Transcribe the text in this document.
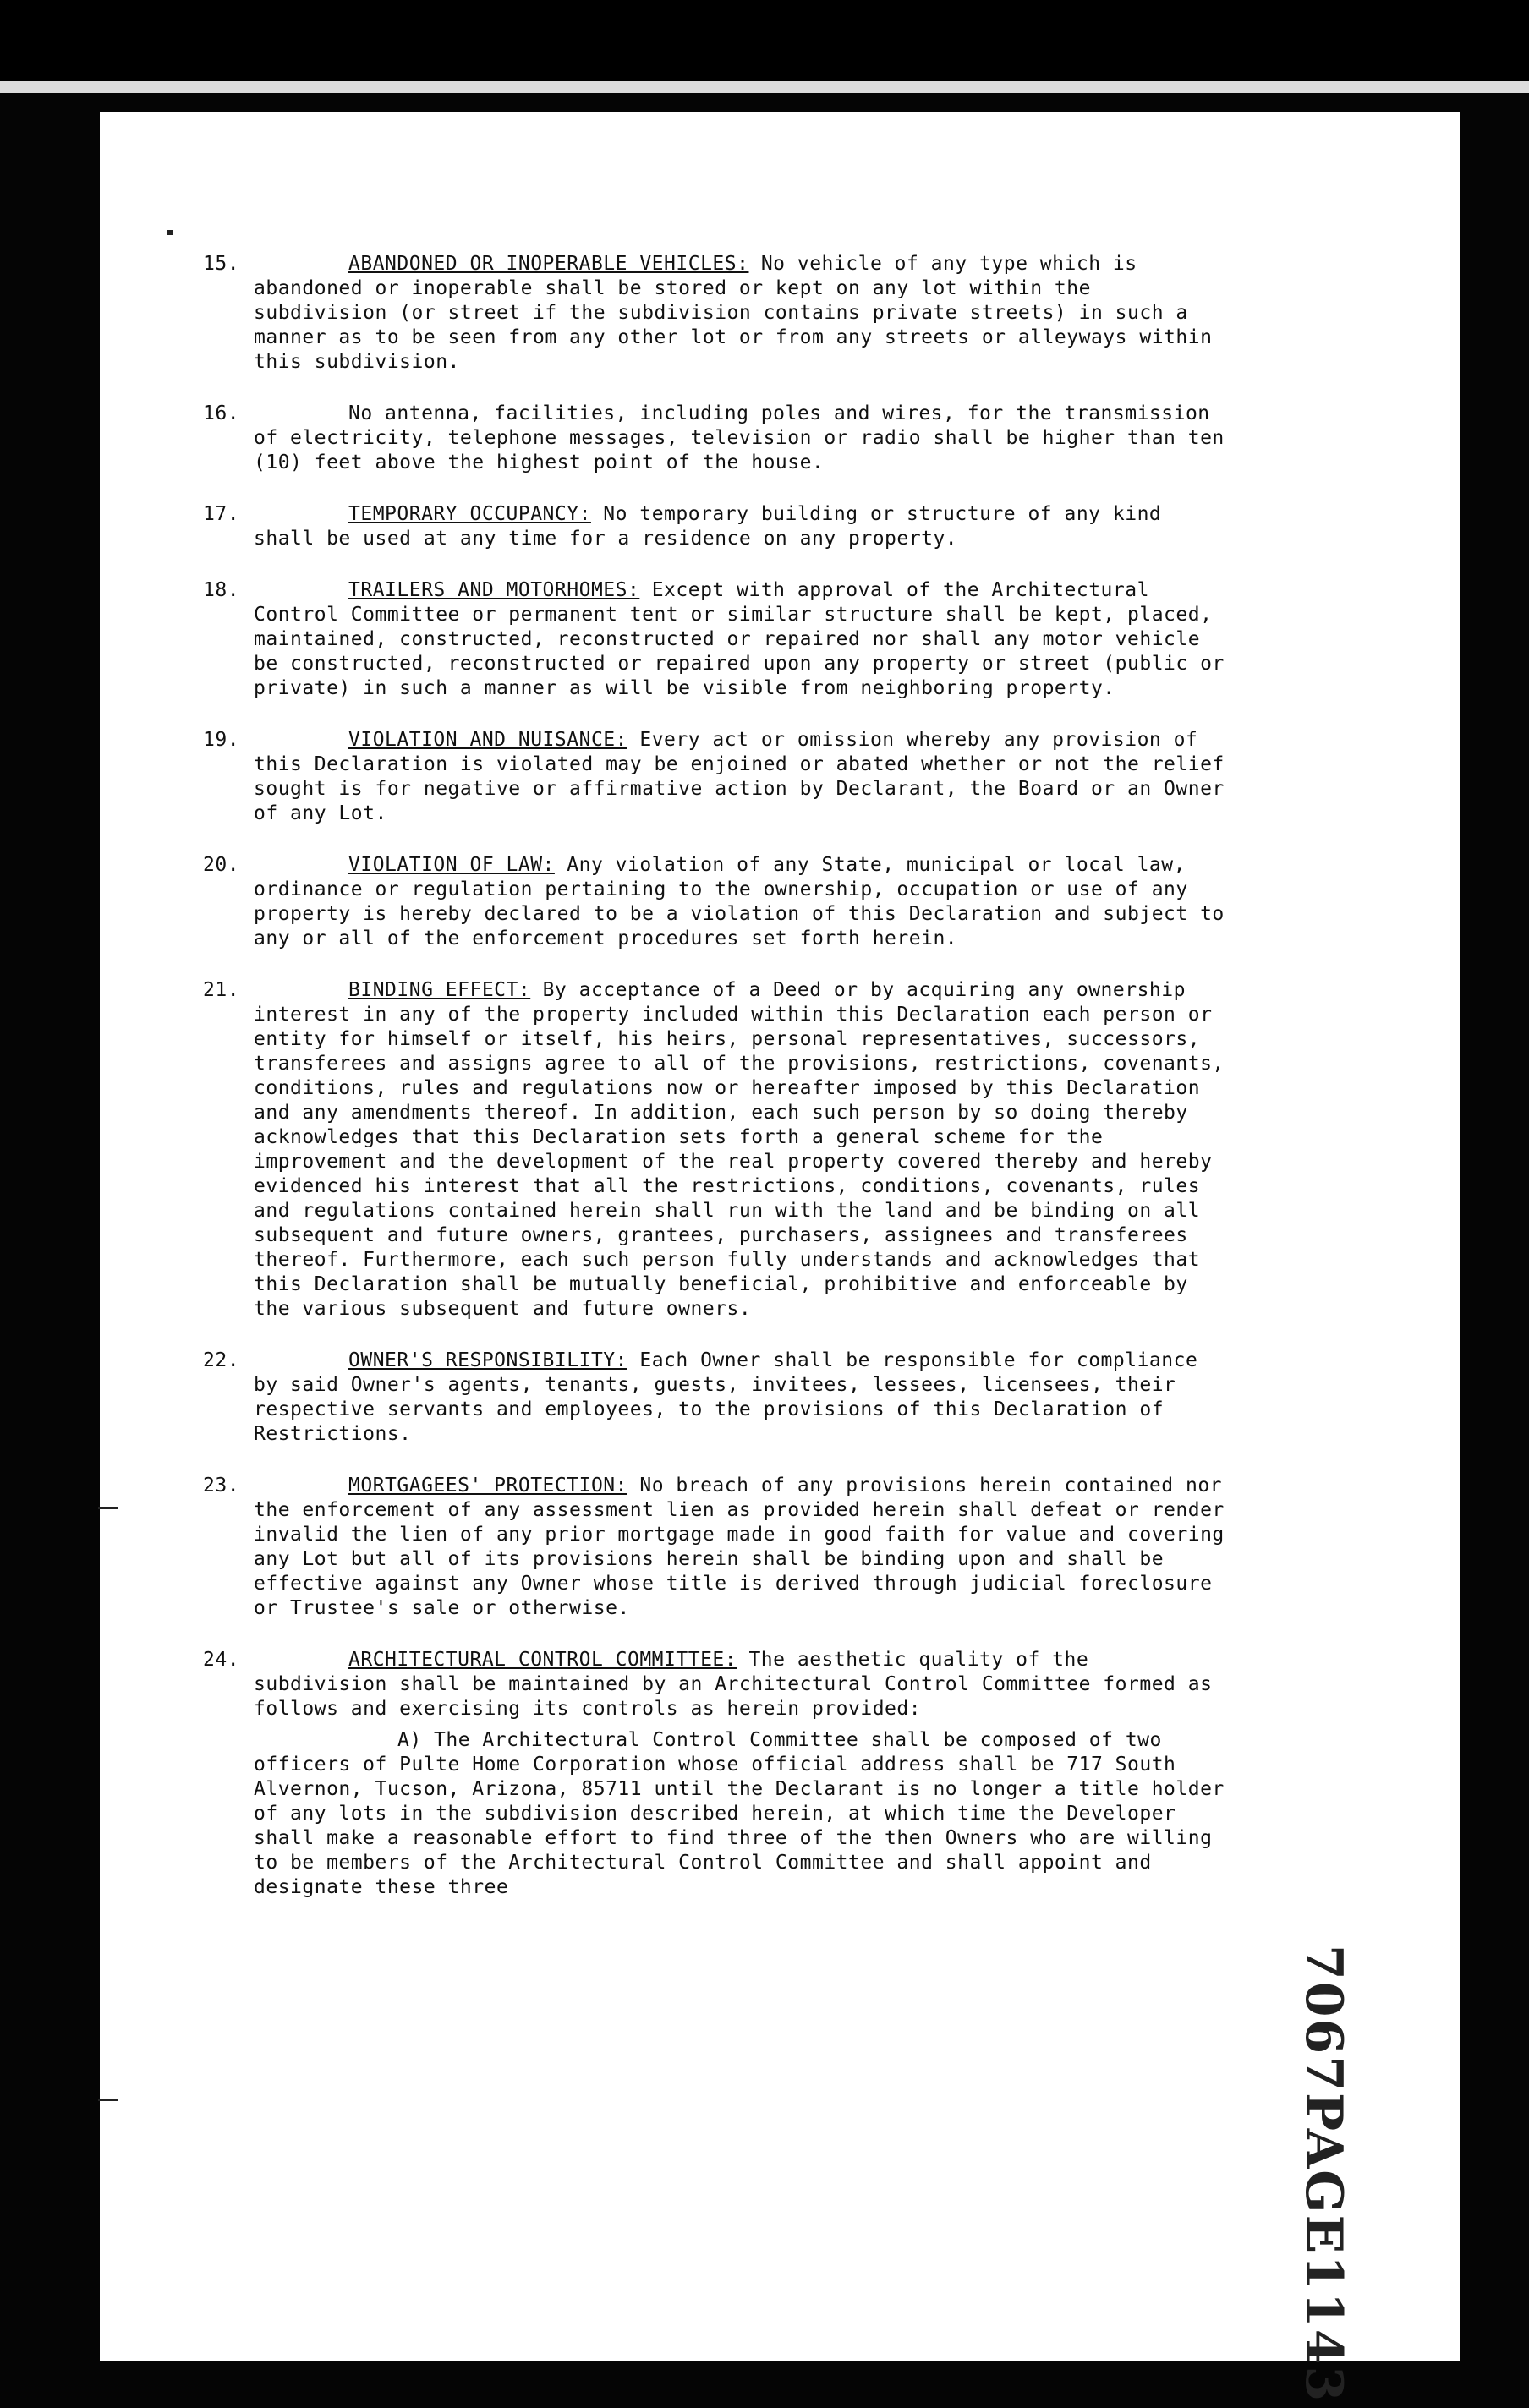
15.	ABANDONED OR INOPERABLE VEHICLES: No vehicle of any type which is abandoned or inoperable shall be stored or kept on any lot within the subdivision (or street if the subdivision contains private streets) in such a manner as to be seen from any other lot or from any streets or alleyways within this subdivision.
16.	No antenna, facilities, including poles and wires, for the transmission of electricity, telephone messages, television or radio shall be higher than ten (10) feet above the highest point of the house.
17.	TEMPORARY OCCUPANCY: No temporary building or structure of any kind shall be used at any time for a residence on any property.
18.	TRAILERS AND MOTORHOMES: Except with approval of the Architectural Control Committee or permanent tent or similar structure shall be kept, placed, maintained, constructed, reconstructed or repaired nor shall any motor vehicle be constructed, reconstructed or repaired upon any property or street (public or private) in such a manner as will be visible from neighboring property.
19.	VIOLATION AND NUISANCE: Every act or omission whereby any provision of this Declaration is violated may be enjoined or abated whether or not the relief sought is for negative or affirmative action by Declarant, the Board or an Owner of any Lot.
20.	VIOLATION OF LAW: Any violation of any State, municipal or local law, ordinance or regulation pertaining to the ownership, occupation or use of any property is hereby declared to be a violation of this Declaration and subject to any or all of the enforcement procedures set forth herein.
21.	BINDING EFFECT: By acceptance of a Deed or by acquiring any ownership interest in any of the property included within this Declaration each person or entity for himself or itself, his heirs, personal representatives, successors, transferees and assigns agree to all of the provisions, restrictions, covenants, conditions, rules and regulations now or hereafter imposed by this Declaration and any amendments thereof. In addition, each such person by so doing thereby acknowledges that this Declaration sets forth a general scheme for the improvement and the development of the real property covered thereby and hereby evidenced his interest that all the restrictions, conditions, covenants, rules and regulations contained herein shall run with the land and be binding on all subsequent and future owners, grantees, purchasers, assignees and transferees thereof. Furthermore, each such person fully understands and acknowledges that this Declaration shall be mutually beneficial, prohibitive and enforceable by the various subsequent and future owners.
22.	OWNER'S RESPONSIBILITY: Each Owner shall be responsible for compliance by said Owner's agents, tenants, guests, invitees, lessees, licensees, their respective servants and employees, to the provisions of this Declaration of Restrictions.
23.	MORTGAGEES' PROTECTION: No breach of any provisions herein contained nor the enforcement of any assessment lien as provided herein shall defeat or render invalid the lien of any prior mortgage made in good faith for value and covering any Lot but all of its provisions herein shall be binding upon and shall be effective against any Owner whose title is derived through judicial foreclosure or Trustee's sale or otherwise.
24.	ARCHITECTURAL CONTROL COMMITTEE: The aesthetic quality of the subdivision shall be maintained by an Architectural Control Committee formed as follows and exercising its controls as herein provided:
A) The Architectural Control Committee shall be composed of two officers of Pulte Home Corporation whose official address shall be 717 South Alvernon, Tucson, Arizona, 85711 until the Declarant is no longer a title holder of any lots in the subdivision described herein, at which time the Developer shall make a reasonable effort to find three of the then Owners who are willing to be members of the Architectural Control Committee and shall appoint and designate these three
7067PAGE1143
